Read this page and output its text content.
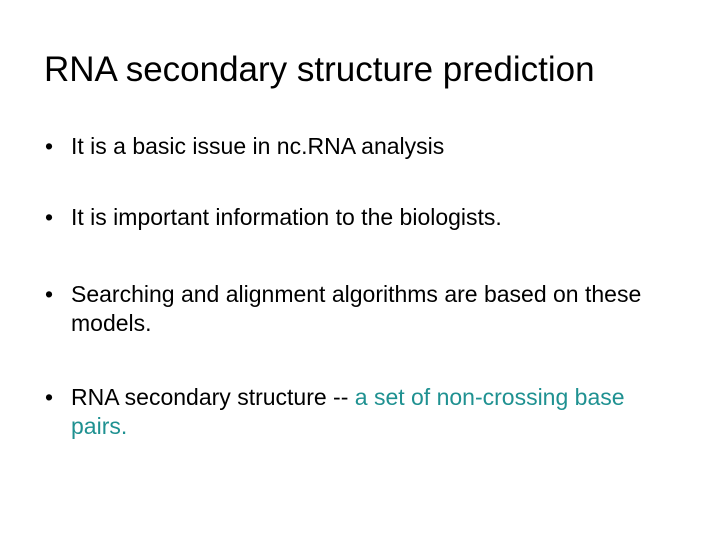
RNA secondary structure prediction
• It is a basic issue in nc.RNA analysis
• It is important information to the biologists.
• Searching and alignment algorithms are based on these models.
• RNA secondary structure -- a set of non-crossing base pairs.
